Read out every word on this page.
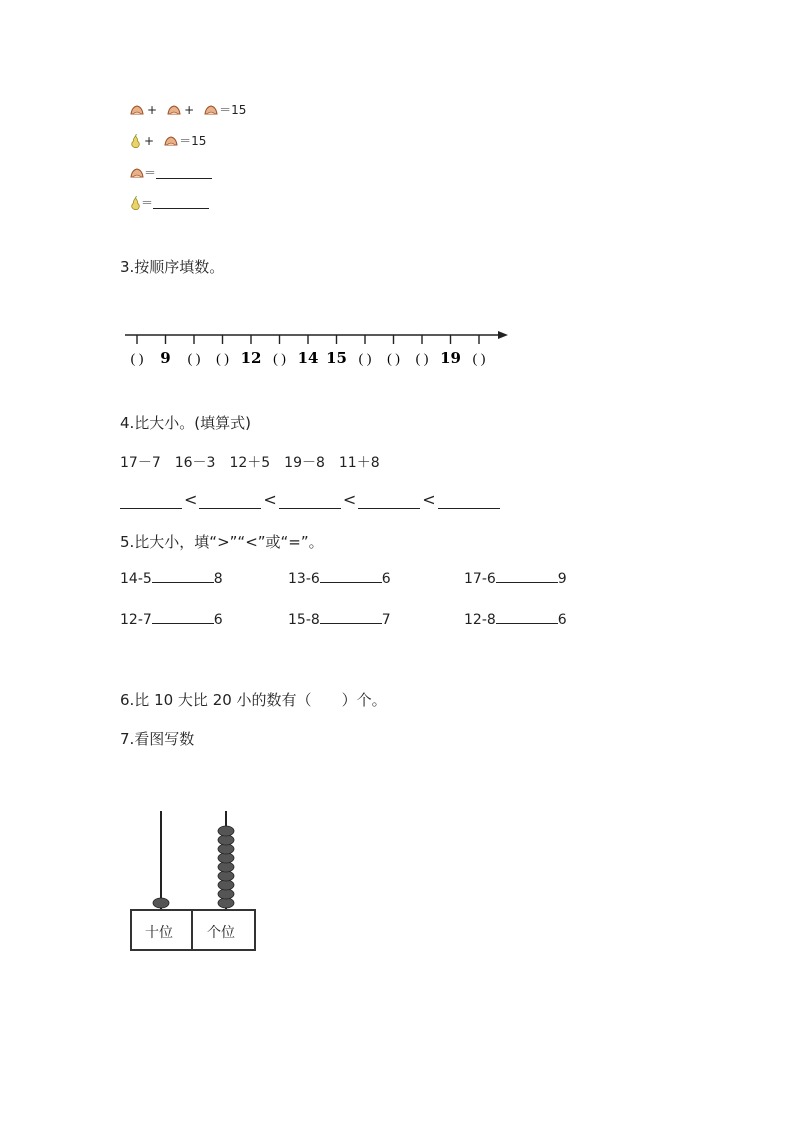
+ + ＝15
+ ＝15
＝
＝
3.按顺序填数。
( ) 9 ( ) ( ) 12 ( ) 14 15 ( ) ( ) ( ) 19 ( )
4.比大小。(填算式)
17－7　16－3　12＋5　19－8　11＋8
<	<	<	<
5.比大小，填“>”“<”或“=”。
14-5	8	13-6	6	17-6	9
12-7	6	15-8	7	12-8	6
6.比 10 大比 20 小的数有（ ）个。
7.看图写数
十位 个位
